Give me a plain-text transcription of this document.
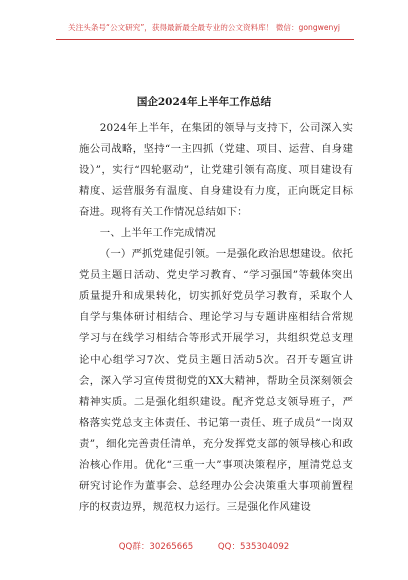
关注头条号“公文研究”，获得最新最全最专业的公文资料库！ 微信：gongwenyj
国企2024年上半年工作总结

2024年上半年，在集团的领导与支持下，公司深入实施公司战略，坚持“一主四抓（党建、项目、运营、自身建设）”，实行“四轮驱动”，让党建引领有高度、项目建设有精度、运营服务有温度、自身建设有力度，正向既定目标奋进。现将有关工作情况总结如下：

一、上半年工作完成情况

（一）严抓党建促引领。一是强化政治思想建设。依托党员主题日活动、党史学习教育、“学习强国”等载体突出质量提升和成果转化，切实抓好党员学习教育，采取个人自学与集体研讨相结合、理论学习与专题讲座相结合常规学习与在线学习相结合等形式开展学习，共组织党总支理论中心组学习7次、党员主题日活动5次。召开专题宣讲会，深入学习宣传贯彻党的XX大精神，帮助全员深刻领会精神实质。二是强化组织建设。配齐党总支领导班子，严格落实党总支主体责任、书记第一责任、班子成员“一岗双责”，细化完善责任清单，充分发挥党支部的领导核心和政治核心作用。优化“三重一大”事项决策程序，厘清党总支研究讨论作为董事会、总经理办公会决策重大事项前置程序的权责边界，规范权力运行。三是强化作风建设

QQ群：30265665	QQ：535304092
